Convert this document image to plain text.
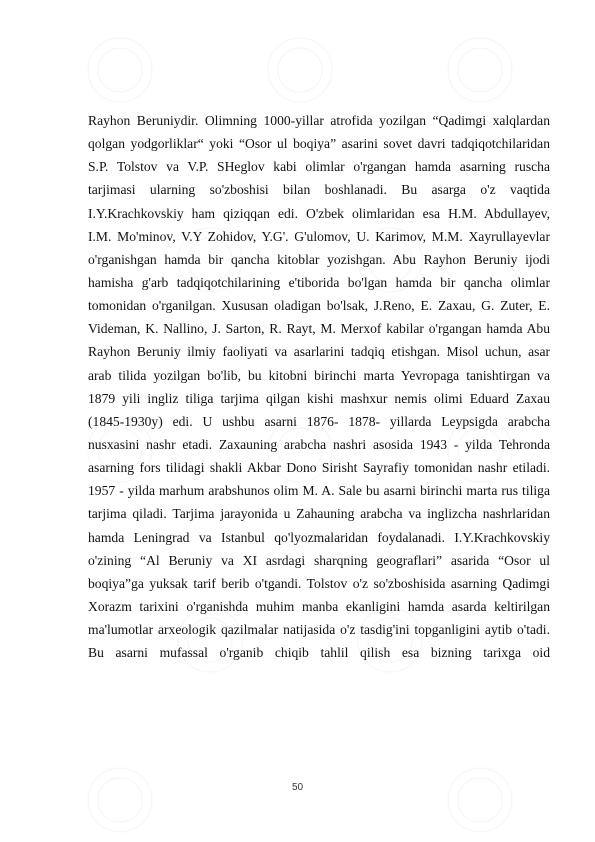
Rayhon Beruniydir. Olimning 1000-yillar atrofida yozilgan “Qadimgi xalqlardan
qolgan yodgorliklar“ yoki “Osor ul boqiya” asarini sovet davri tadqiqotchilaridan
S.P. Tolstov va V.P. SHeglov kabi olimlar o'rgangan hamda asarning ruscha
tarjimasi ularning so'zboshisi bilan boshlanadi. Bu asarga o'z vaqtida
I.Y.Krachkovskiy ham qiziqqan edi. O'zbek olimlaridan esa H.M. Abdullayev,
I.M. Mo'minov, V.Y Zohidov, Y.G'. G'ulomov, U. Karimov, M.M. Xayrullayevlar
o'rganishgan hamda bir qancha kitoblar yozishgan. Abu Rayhon Beruniy ijodi
hamisha g'arb tadqiqotchilarining e'tiborida bo'lgan hamda bir qancha olimlar
tomonidan o'rganilgan. Xususan oladigan bo'lsak, J.Reno, E. Zaxau, G. Zuter, E.
Videman, K. Nallino, J. Sarton, R. Rayt, M. Merxof kabilar o'rgangan hamda Abu
Rayhon Beruniy ilmiy faoliyati va asarlarini tadqiq etishgan. Misol uchun, asar
arab tilida yozilgan bo'lib, bu kitobni birinchi marta Yevropaga tanishtirgan va
1879 yili ingliz tiliga tarjima qilgan kishi mashxur nemis olimi Eduard Zaxau
(1845-1930y) edi. U ushbu asarni 1876- 1878- yillarda Leypsigda arabcha
nusxasini nashr etadi. Zaxauning arabcha nashri asosida 1943 - yilda Tehronda
asarning fors tilidagi shakli Akbar Dono Sirisht Sayrafiy tomonidan nashr etiladi.
1957 - yilda marhum arabshunos olim M. A. Sale bu asarni birinchi marta rus tiliga
tarjima qiladi. Tarjima jarayonida u Zahauning arabcha va inglizcha nashrlaridan
hamda Leningrad va Istanbul qo'lyozmalaridan foydalanadi. I.Y.Krachkovskiy
o'zining “Al Beruniy va XI asrdagi sharqning geograflari” asarida “Osor ul
boqiya”ga yuksak tarif berib o'tgandi. Tolstov o'z so'zboshisida asarning Qadimgi
Xorazm tarixini o'rganishda muhim manba ekanligini hamda asarda keltirilgan
ma'lumotlar arxeologik qazilmalar natijasida o'z tasdig'ini topganligini aytib o'tadi.
Bu asarni mufassal o'rganib chiqib tahlil qilish esa bizning tarixga oid
50
